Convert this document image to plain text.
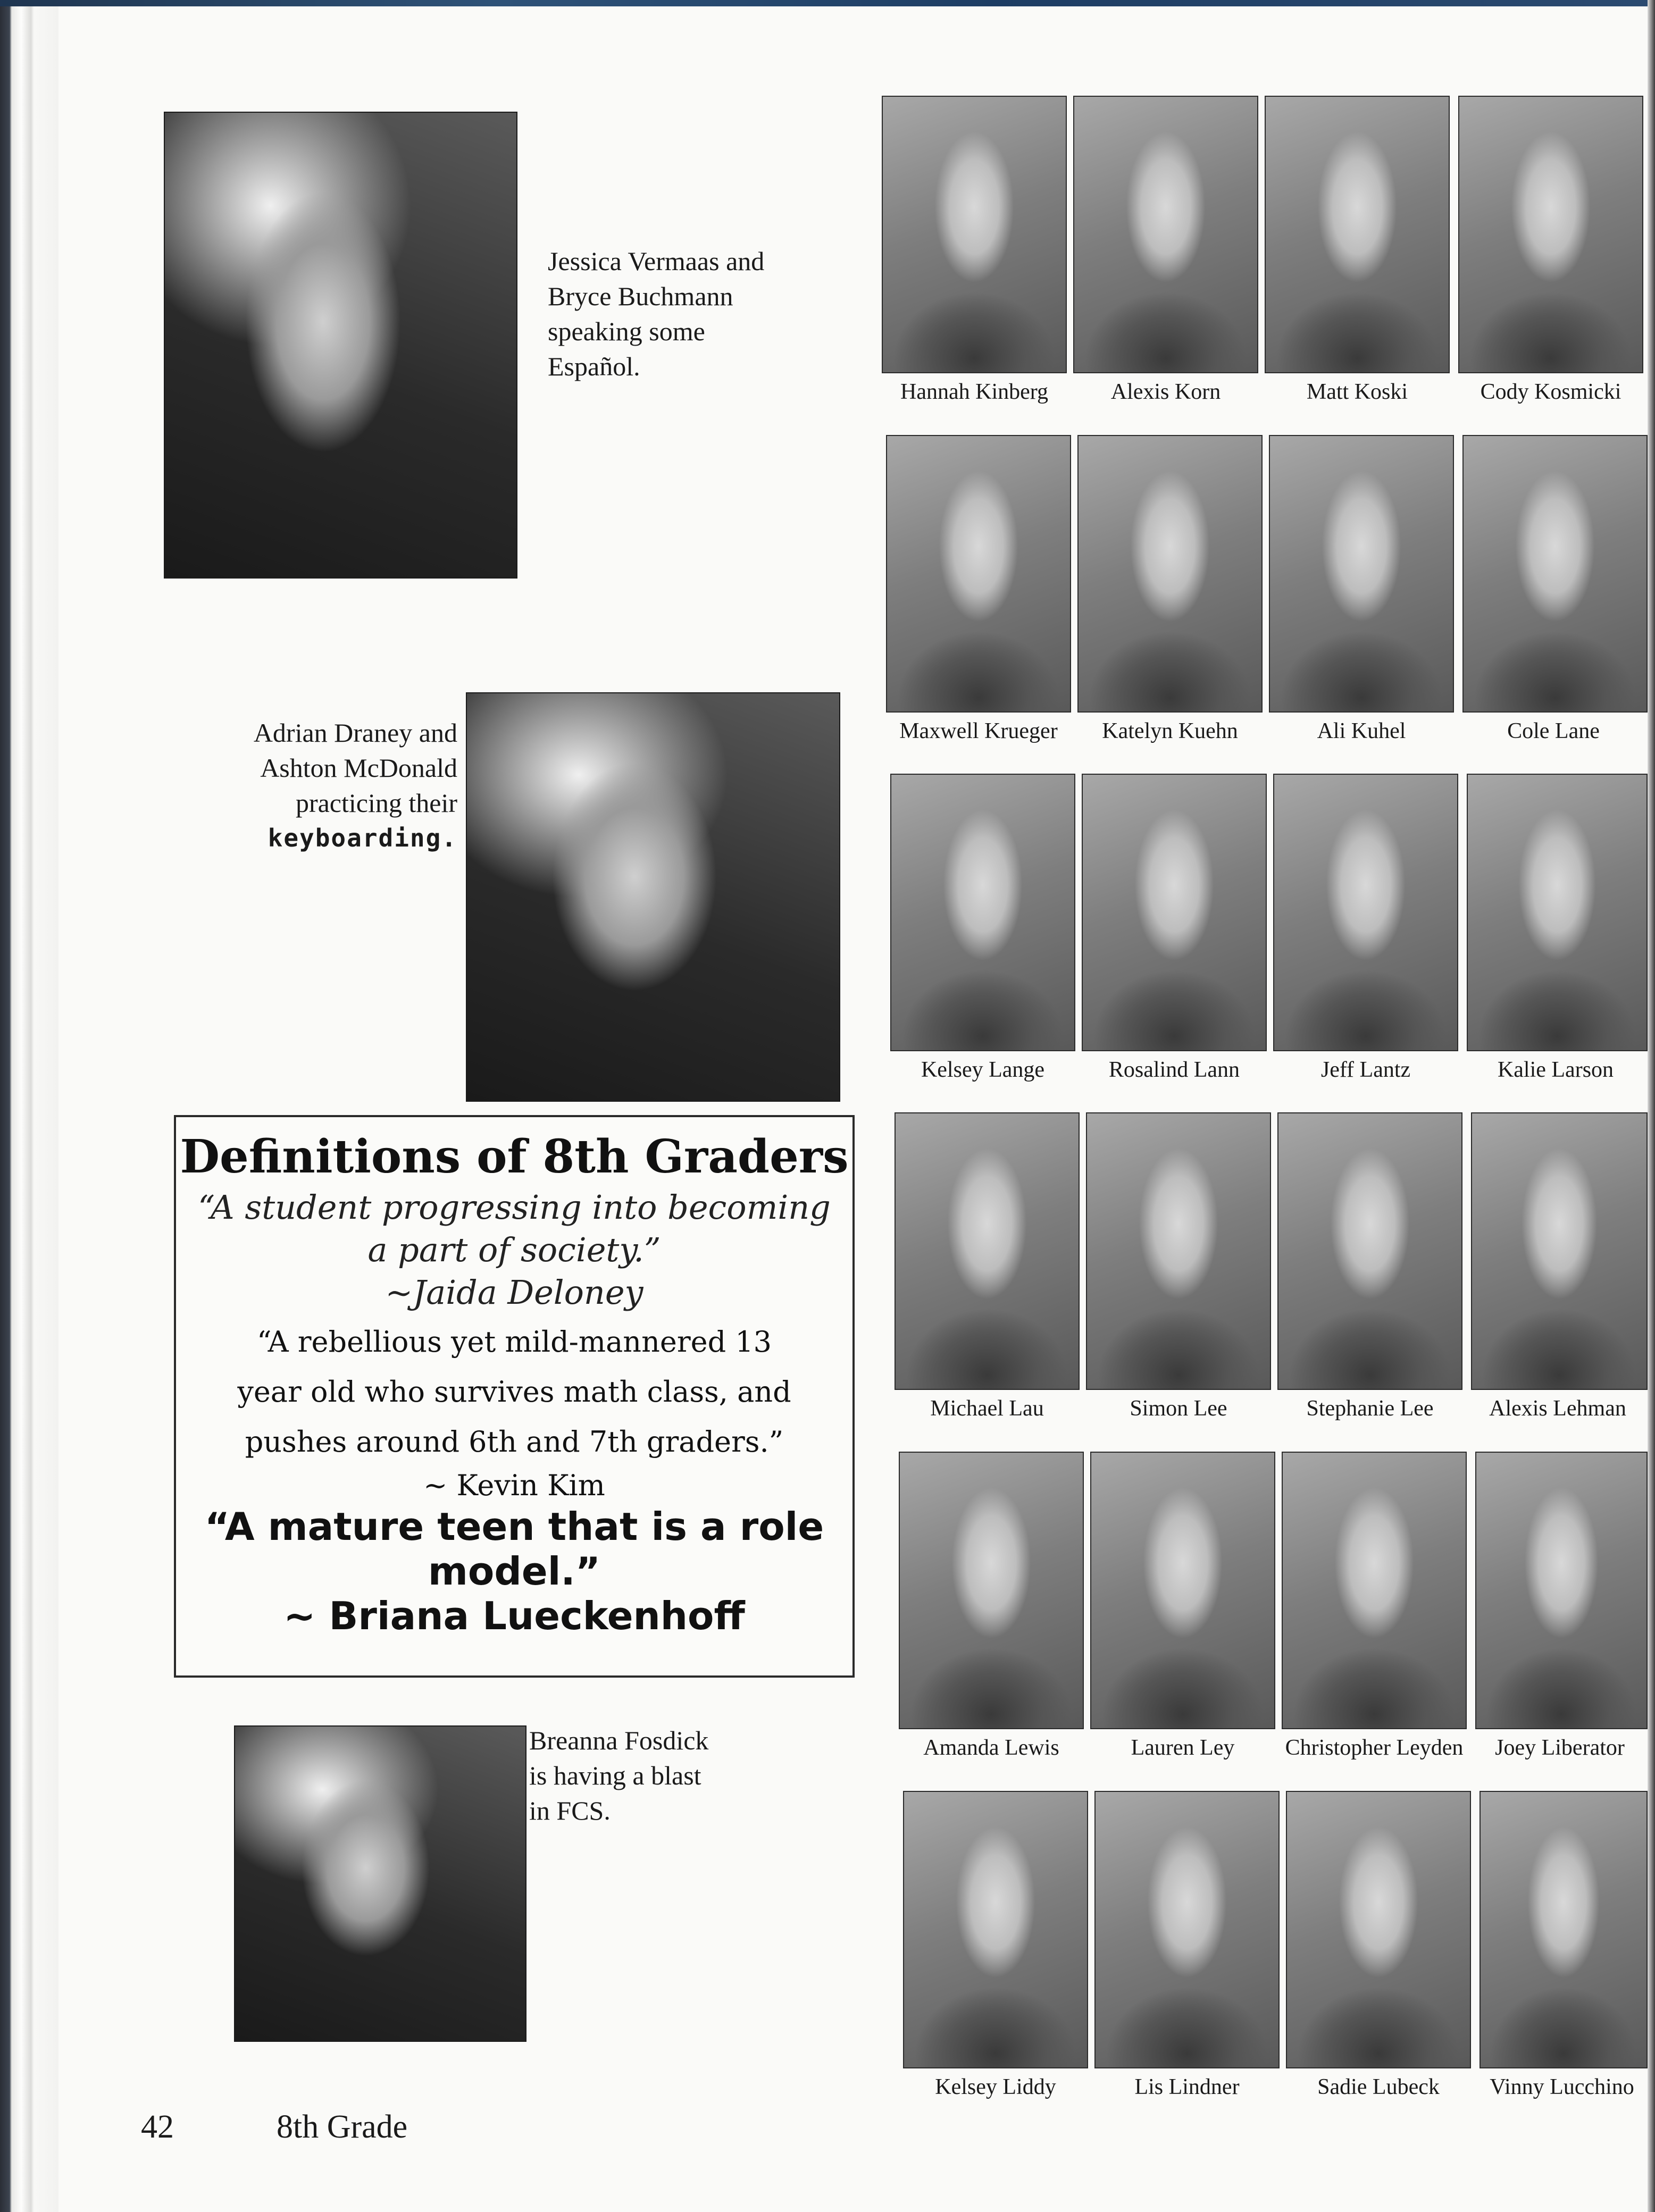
Jessica Vermaas and
Bryce Buchmann
speaking some
Español.
Adrian Draney and
Ashton McDonald
practicing their
keyboarding.
Definitions of 8th Graders
“A student progressing into becoming
a part of society.”
~Jaida Deloney
“A rebellious yet mild-mannered 13
year old who survives math class, and
pushes around 6th and 7th graders.”
~ Kevin Kim
“A mature teen that is a role
model.”
~ Briana Lueckenhoff
Breanna Fosdick
is having a blast
in FCS.
Hannah Kinberg	Alexis Korn	Matt Koski	Cody Kosmicki
Maxwell Krueger	Katelyn Kuehn	Ali Kuhel	Cole Lane
Kelsey Lange	Rosalind Lann	Jeff Lantz	Kalie Larson
Michael Lau	Simon Lee	Stephanie Lee	Alexis Lehman
Amanda Lewis	Lauren Ley	Christopher Leyden	Joey Liberator
Kelsey Liddy	Lis Lindner	Sadie Lubeck	Vinny Lucchino
42	8th Grade
